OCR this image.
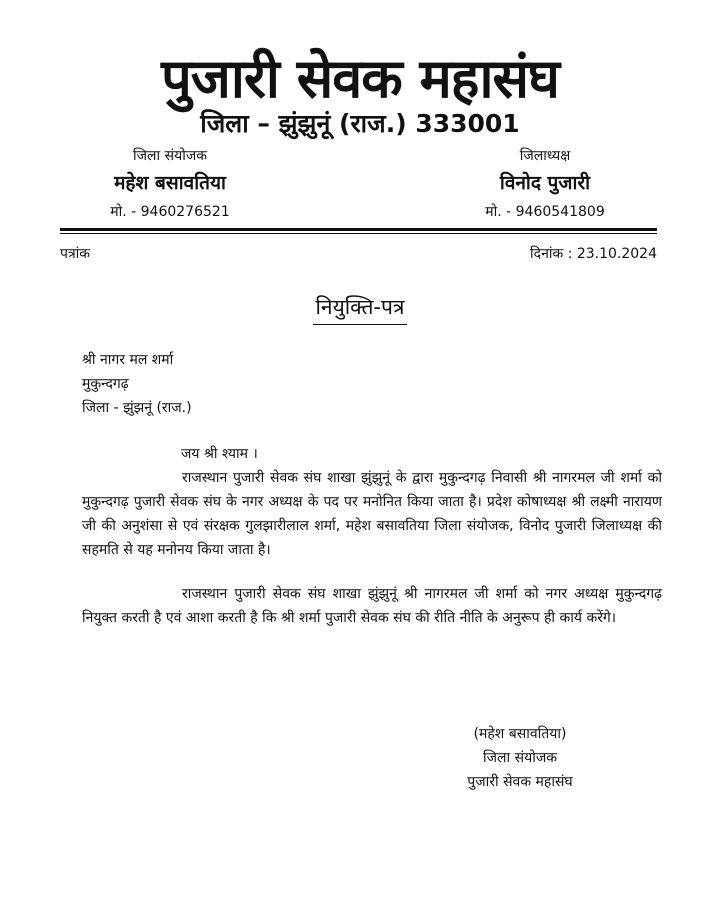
पुजारी सेवक महासंघ
जिला – झुंझुनूं (राज.) 333001
जिला संयोजक
महेश बसावतिया
मो. - 9460276521
जिलाध्यक्ष
विनोद पुजारी
मो. - 9460541809
पत्रांक	दिनांक : 23.10.2024
नियुक्ति-पत्र
श्री नागर मल शर्मा
मुकुन्दगढ़
जिला - झुंझनूं (राज.)
जय श्री श्याम ।
राजस्थान पुजारी सेवक संघ शाखा झुंझुनूं के द्वारा मुकुन्दगढ़ निवासी श्री नागरमल जी शर्मा को मुकुन्दगढ़ पुजारी सेवक संघ के नगर अध्यक्ष के पद पर मनोनित किया जाता है। प्रदेश कोषाध्यक्ष श्री लक्ष्मी नारायण जी की अनुशंसा से एवं संरक्षक गुलझारीलाल शर्मा, महेश बसावतिया जिला संयोजक, विनोद पुजारी जिलाध्यक्ष की सहमति से यह मनोनय किया जाता है।
राजस्थान पुजारी सेवक संघ शाखा झुंझुनूं श्री नागरमल जी शर्मा को नगर अध्यक्ष मुकुन्दगढ़ नियुक्त करती है एवं आशा करती है कि श्री शर्मा पुजारी सेवक संघ की रीति नीति के अनुरूप ही कार्य करेंगे।
(महेश बसावतिया)
जिला संयोजक
पुजारी सेवक महासंघ
